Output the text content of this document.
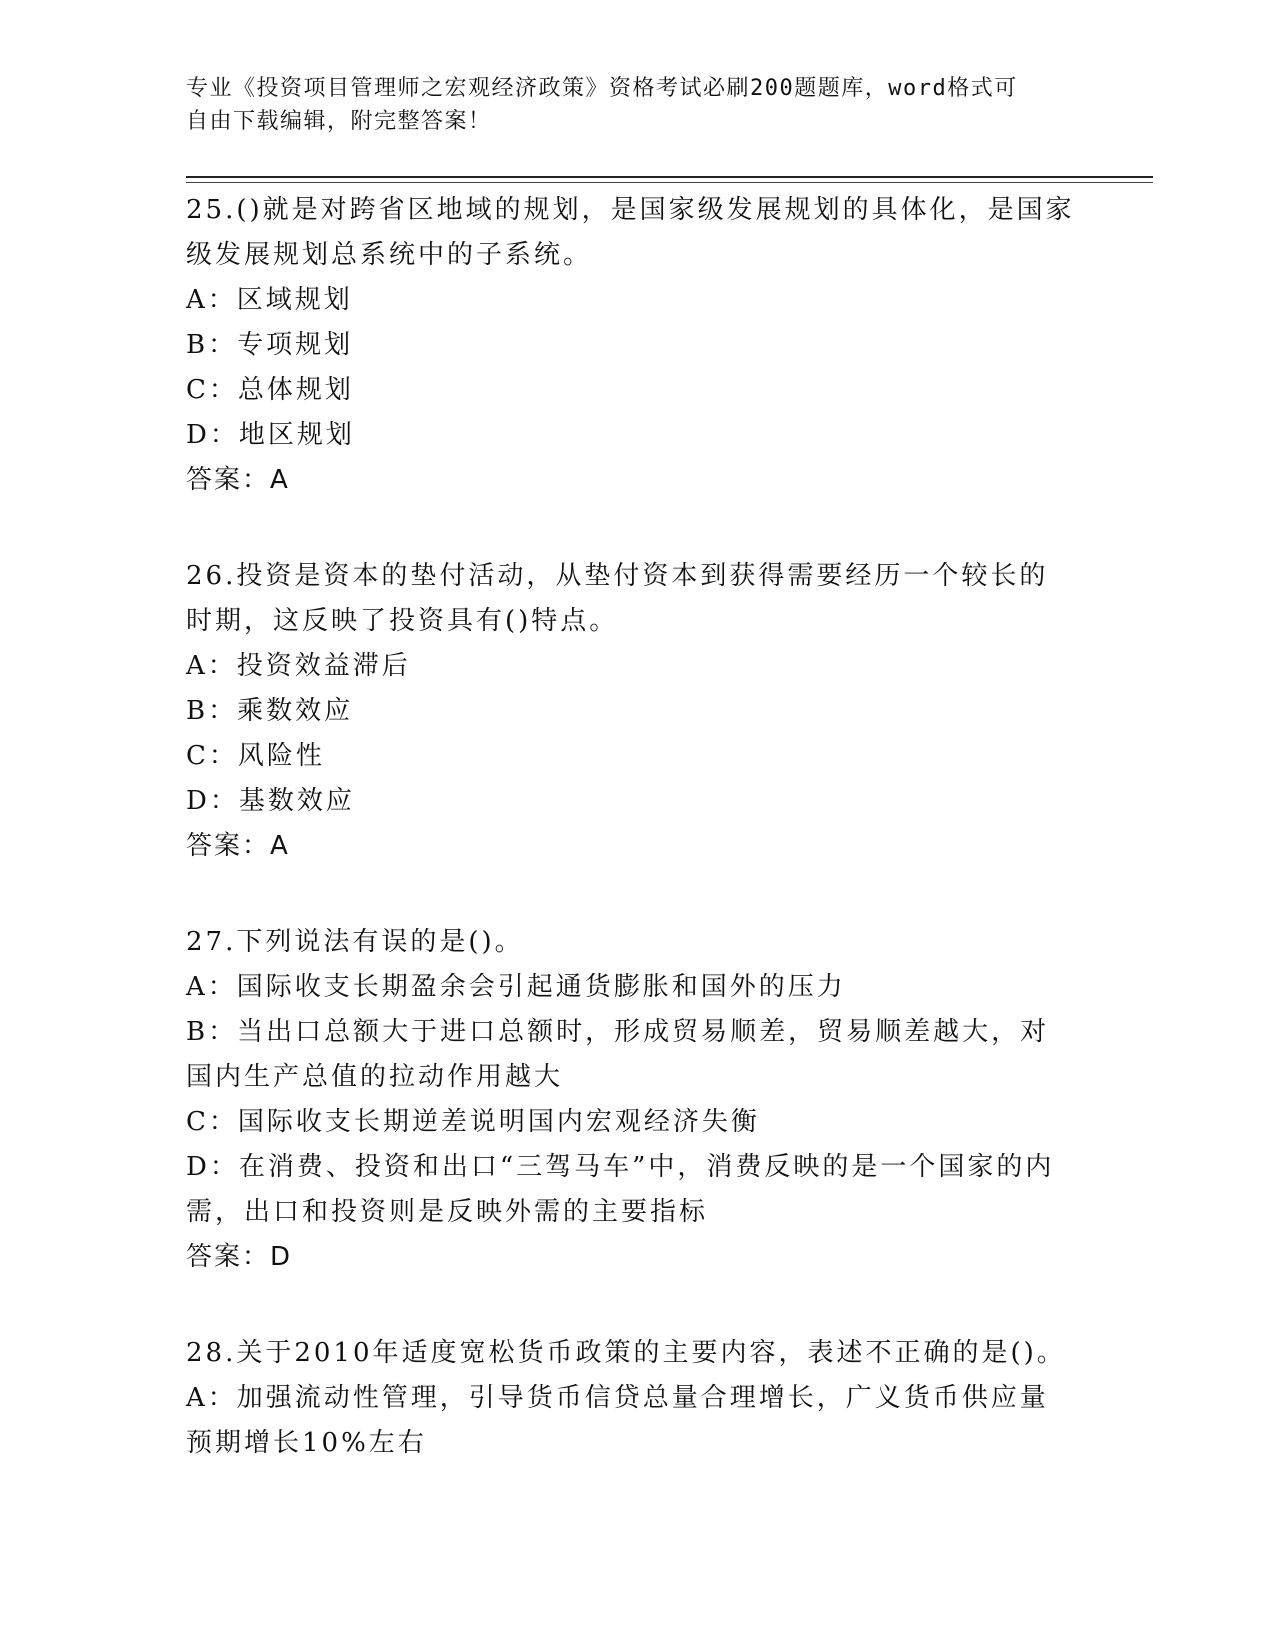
专业《投资项目管理师之宏观经济政策》资格考试必刷200题题库，word格式可
自由下载编辑，附完整答案！

25.()就是对跨省区地域的规划，是国家级发展规划的具体化，是国家级发展规划总系统中的子系统。

A：区域规划

B：专项规划

C：总体规划

D：地区规划

答案：A

26.投资是资本的垫付活动，从垫付资本到获得需要经历一个较长的时期，这反映了投资具有()特点。

A：投资效益滞后

B：乘数效应

C：风险性

D：基数效应

答案：A

27.下列说法有误的是()。

A：国际收支长期盈余会引起通货膨胀和国外的压力

B：当出口总额大于进口总额时，形成贸易顺差，贸易顺差越大，对国内生产总值的拉动作用越大

C：国际收支长期逆差说明国内宏观经济失衡

D：在消费、投资和出口“三驾马车”中，消费反映的是一个国家的内需，出口和投资则是反映外需的主要指标

答案：D

28.关于2010年适度宽松货币政策的主要内容，表述不正确的是()。

A：加强流动性管理，引导货币信贷总量合理增长，广义货币供应量预期增长10%左右
